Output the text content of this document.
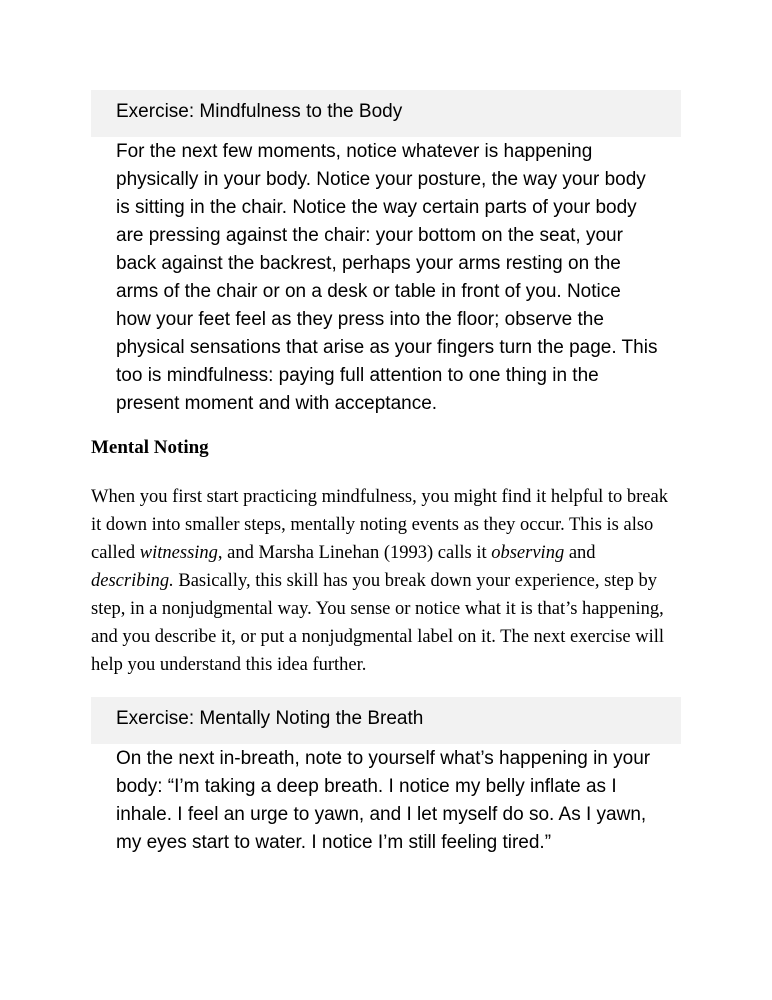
Exercise: Mindfulness to the Body
For the next few moments, notice whatever is happening
physically in your body. Notice your posture, the way your body
is sitting in the chair. Notice the way certain parts of your body
are pressing against the chair: your bottom on the seat, your
back against the backrest, perhaps your arms resting on the
arms of the chair or on a desk or table in front of you. Notice
how your feet feel as they press into the floor; observe the
physical sensations that arise as your fingers turn the page. This
too is mindfulness: paying full attention to one thing in the
present moment and with acceptance.
Mental Noting
When you first start practicing mindfulness, you might find it helpful to break
it down into smaller steps, mentally noting events as they occur. This is also
called witnessing, and Marsha Linehan (1993) calls it observing and
describing. Basically, this skill has you break down your experience, step by
step, in a nonjudgmental way. You sense or notice what it is that’s happening,
and you describe it, or put a nonjudgmental label on it. The next exercise will
help you understand this idea further.
Exercise: Mentally Noting the Breath
On the next in-breath, note to yourself what’s happening in your
body: “I’m taking a deep breath. I notice my belly inflate as I
inhale. I feel an urge to yawn, and I let myself do so. As I yawn,
my eyes start to water. I notice I’m still feeling tired.”
